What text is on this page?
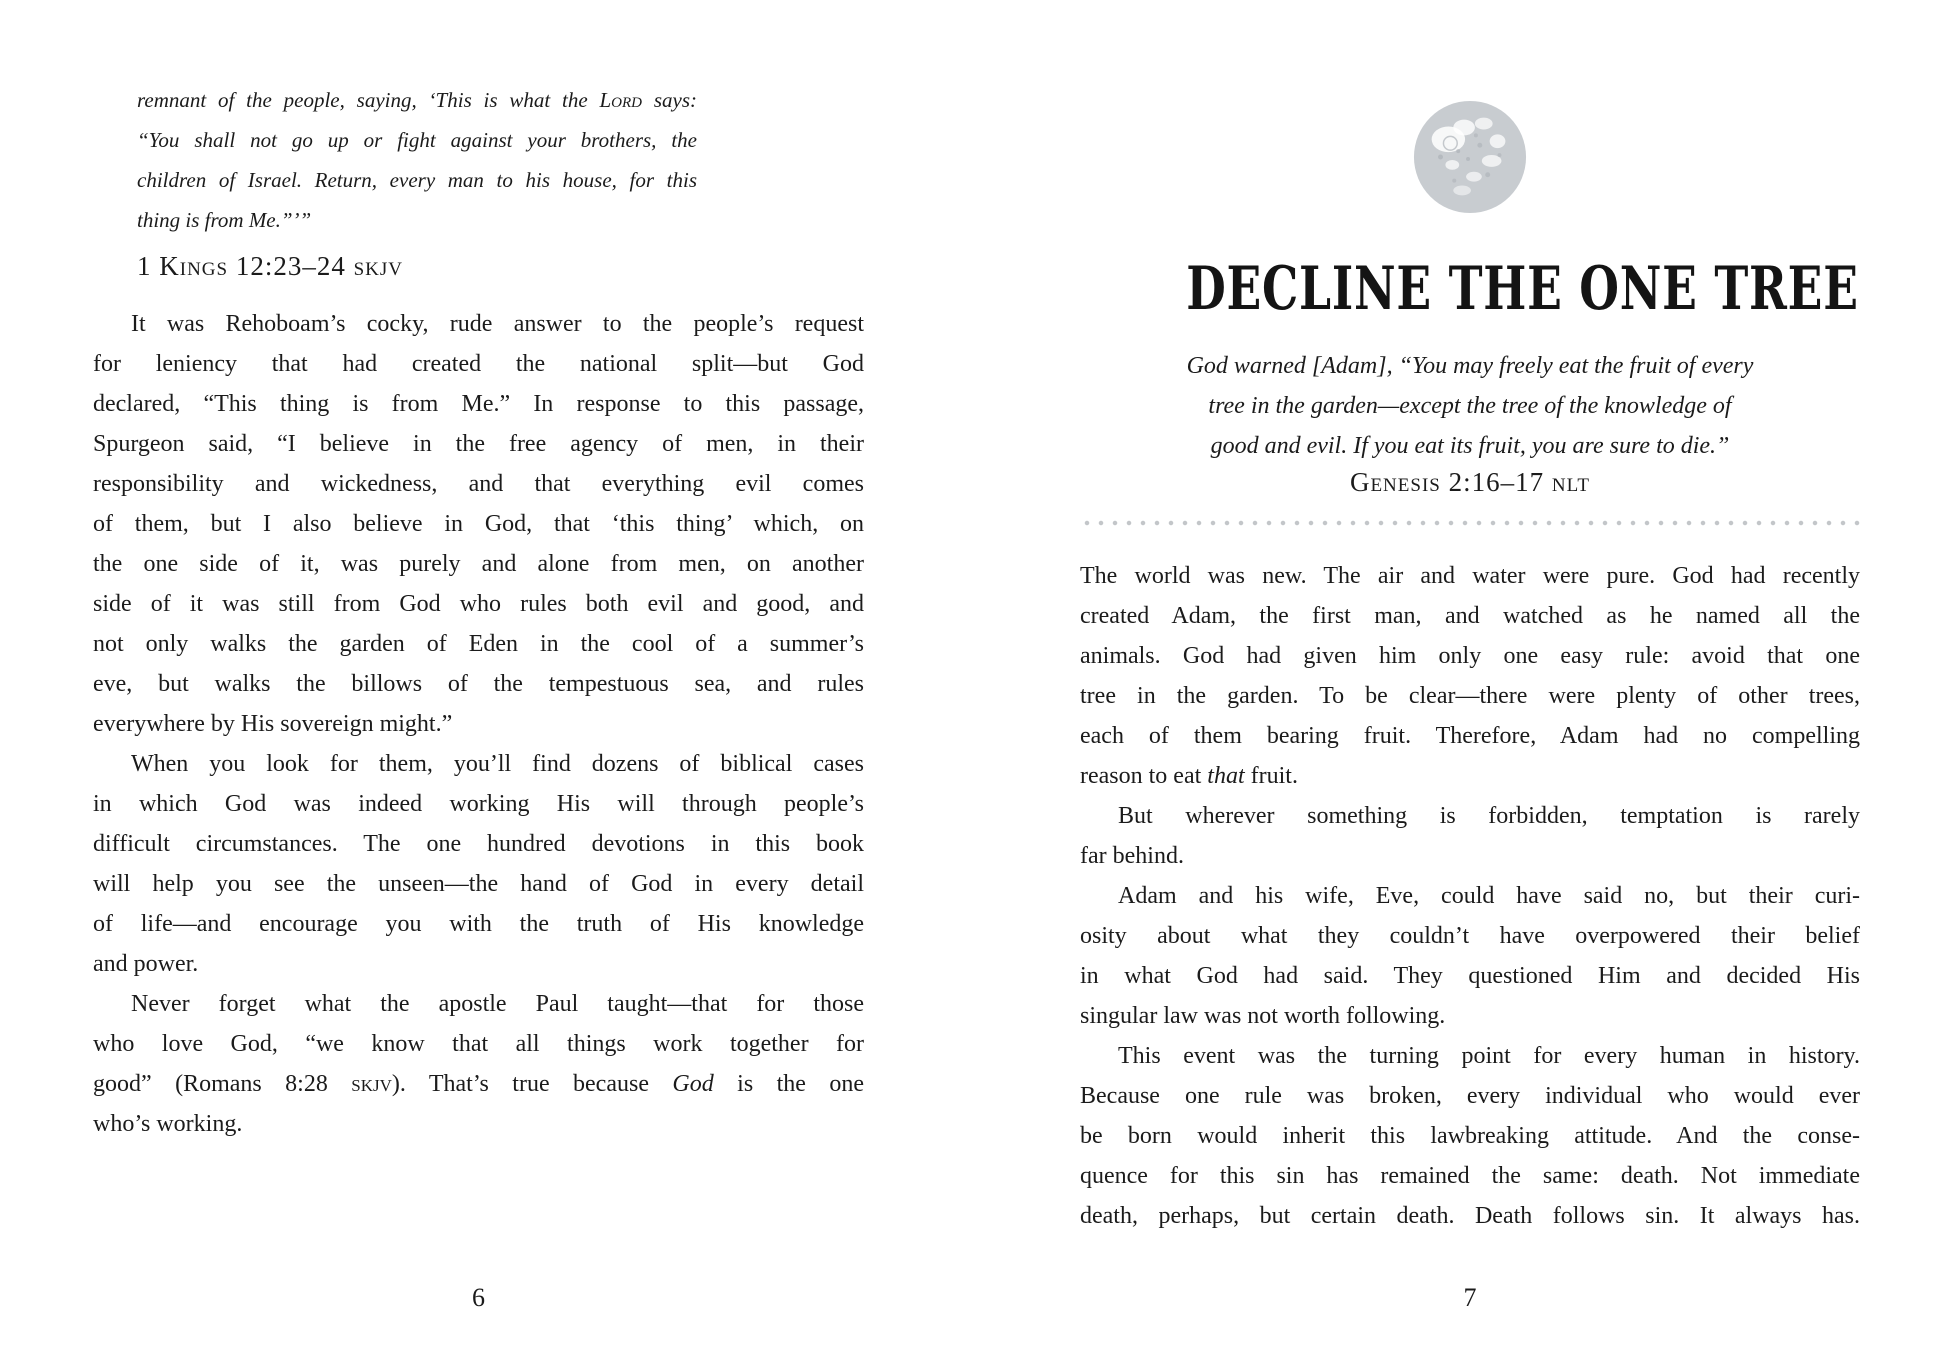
remnant of the people, saying, ‘This is what the Lord says:
“You shall not go up or fight against your brothers, the
children of Israel. Return, every man to his house, for this
thing is from Me.”’”
1 Kings 12:23–24 skjv
It was Rehoboam’s cocky, rude answer to the people’s request
for leniency that had created the national split—but God
declared, “This thing is from Me.” In response to this passage,
Spurgeon said, “I believe in the free agency of men, in their
responsibility and wickedness, and that everything evil comes
of them, but I also believe in God, that ‘this thing’ which, on
the one side of it, was purely and alone from men, on another
side of it was still from God who rules both evil and good, and
not only walks the garden of Eden in the cool of a summer’s
eve, but walks the billows of the tempestuous sea, and rules
everywhere by His sovereign might.”
When you look for them, you’ll find dozens of biblical cases
in which God was indeed working His will through people’s
difficult circumstances. The one hundred devotions in this book
will help you see the unseen—the hand of God in every detail
of life—and encourage you with the truth of His knowledge
and power.
Never forget what the apostle Paul taught—that for those
who love God, “we know that all things work together for
good” (Romans 8:28 skjv). That’s true because God is the one
who’s working.
6
DECLINE THE ONE TREE
God warned [Adam], “You may freely eat the fruit of every
tree in the garden—except the tree of the knowledge of
good and evil. If you eat its fruit, you are sure to die.”
Genesis 2:16–17 nlt
The world was new. The air and water were pure. God had recently
created Adam, the first man, and watched as he named all the
animals. God had given him only one easy rule: avoid that one
tree in the garden. To be clear—there were plenty of other trees,
each of them bearing fruit. Therefore, Adam had no compelling
reason to eat that fruit.
But wherever something is forbidden, temptation is rarely
far behind.
Adam and his wife, Eve, could have said no, but their curi-
osity about what they couldn’t have overpowered their belief
in what God had said. They questioned Him and decided His
singular law was not worth following.
This event was the turning point for every human in history.
Because one rule was broken, every individual who would ever
be born would inherit this lawbreaking attitude. And the conse-
quence for this sin has remained the same: death. Not immediate
death, perhaps, but certain death. Death follows sin. It always has.
7
